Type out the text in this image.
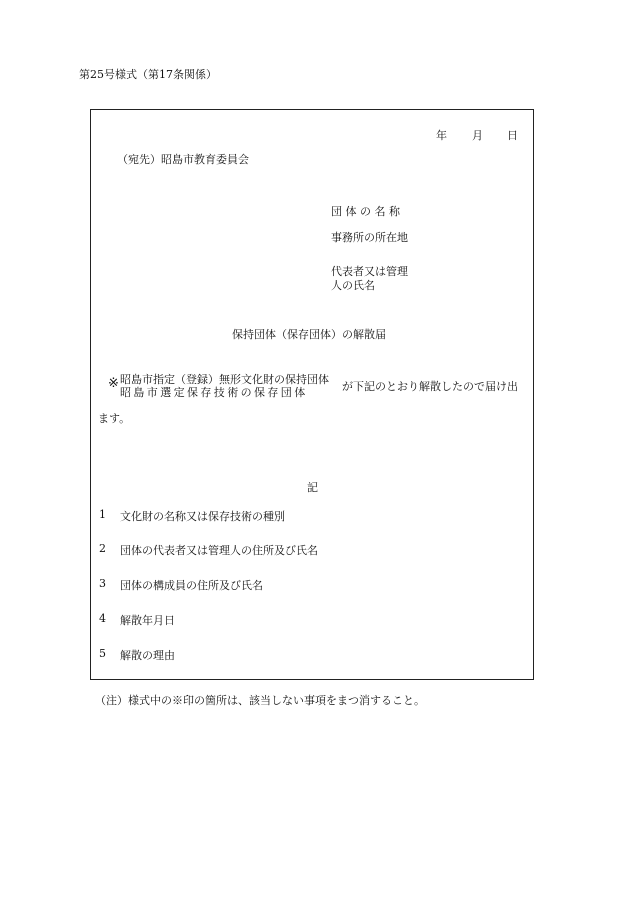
第25号様式（第17条関係）
年 月 日
（宛先）昭島市教育委員会
団 体 の 名 称
事務所の所在地
代表者又は管理
人の氏名
保持団体（保存団体）の解散届
※ 昭島市指定（登録）無形文化財の保持団体
昭島市選定保存技術の保存団体	が下記のとおり解散したので届け出
ます。
記
1 文化財の名称又は保存技術の種別
2 団体の代表者又は管理人の住所及び氏名
3 団体の構成員の住所及び氏名
4 解散年月日
5 解散の理由
（注）様式中の※印の箇所は、該当しない事項をまつ消すること。
